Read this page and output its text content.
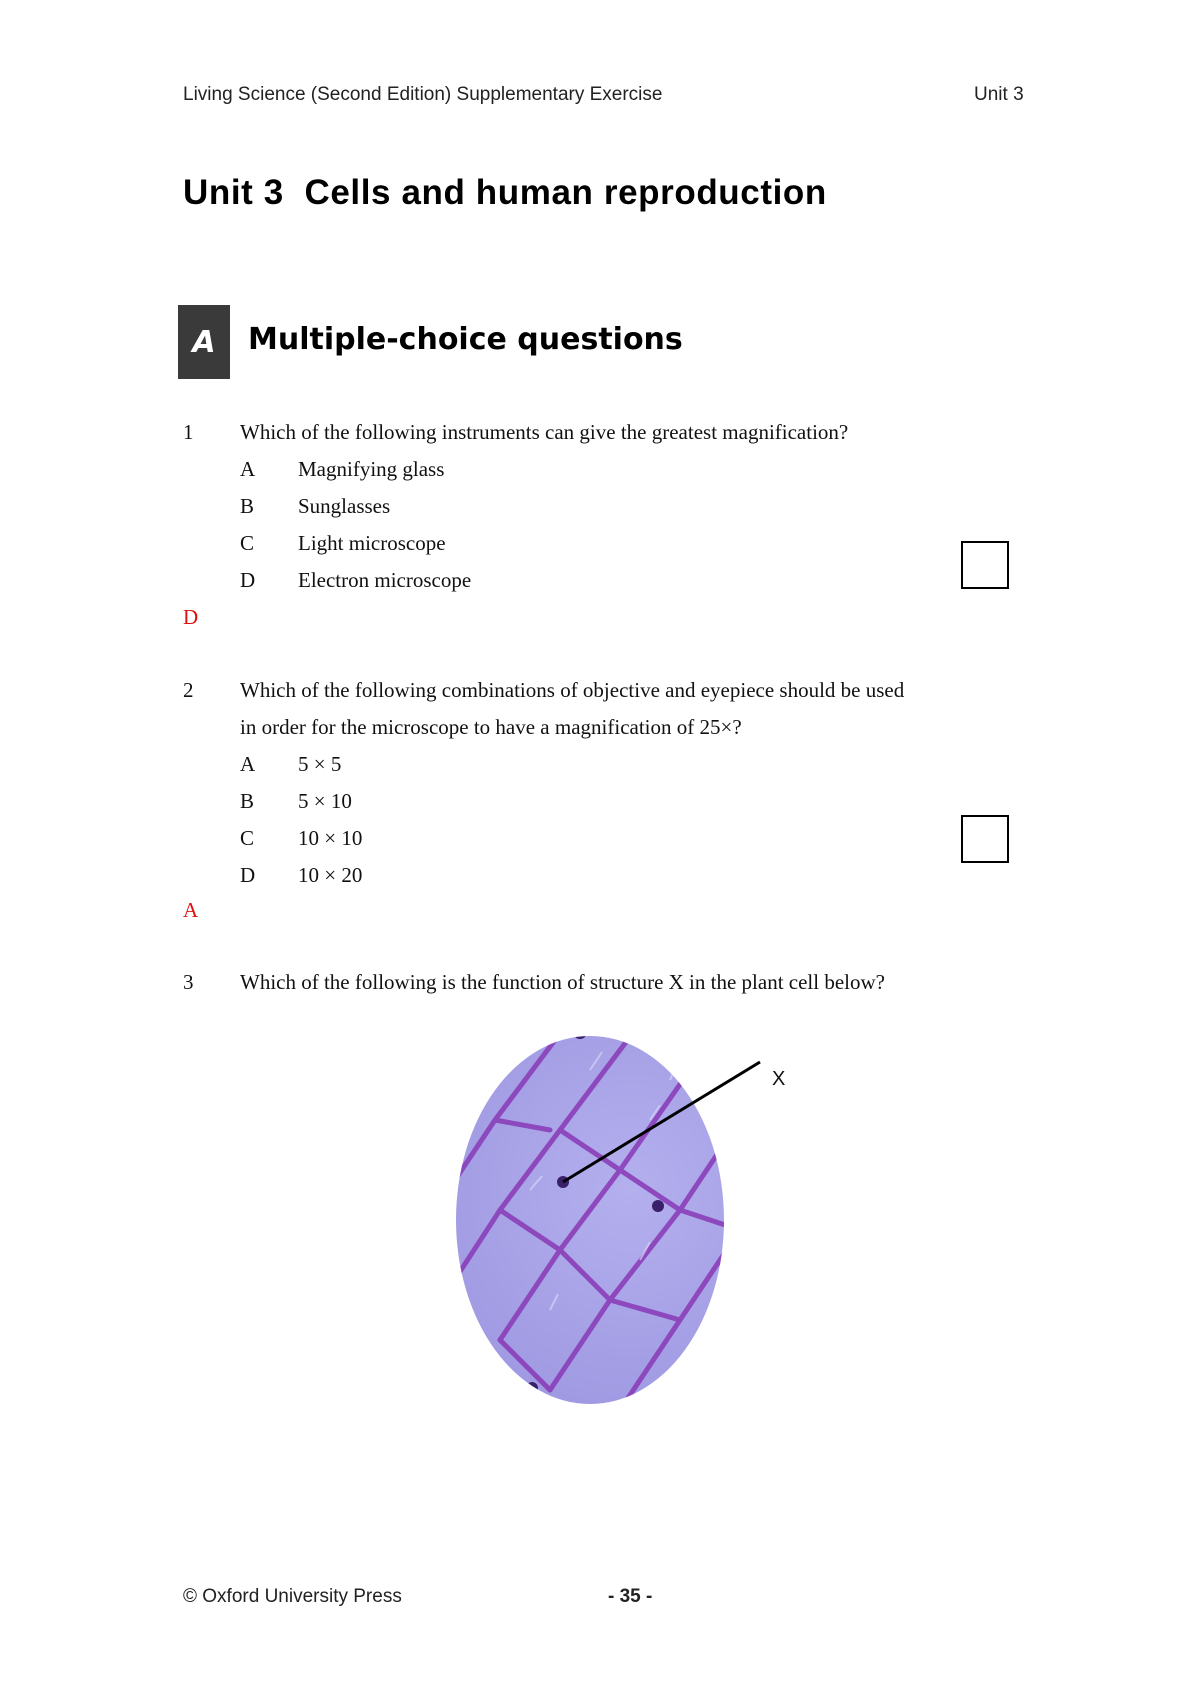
Living Science (Second Edition) Supplementary Exercise	Unit 3
Unit 3  Cells and human reproduction
A	Multiple-choice questions
1 Which of the following instruments can give the greatest magnification?
A Magnifying glass
B Sunglasses
C Light microscope
D Electron microscope
D
2 Which of the following combinations of objective and eyepiece should be used
in order for the microscope to have a magnification of 25×?
A 5 × 5
B 5 × 10
C 10 × 10
D 10 × 20
A
3 Which of the following is the function of structure X in the plant cell below?
X
© Oxford University Press	- 35 -
